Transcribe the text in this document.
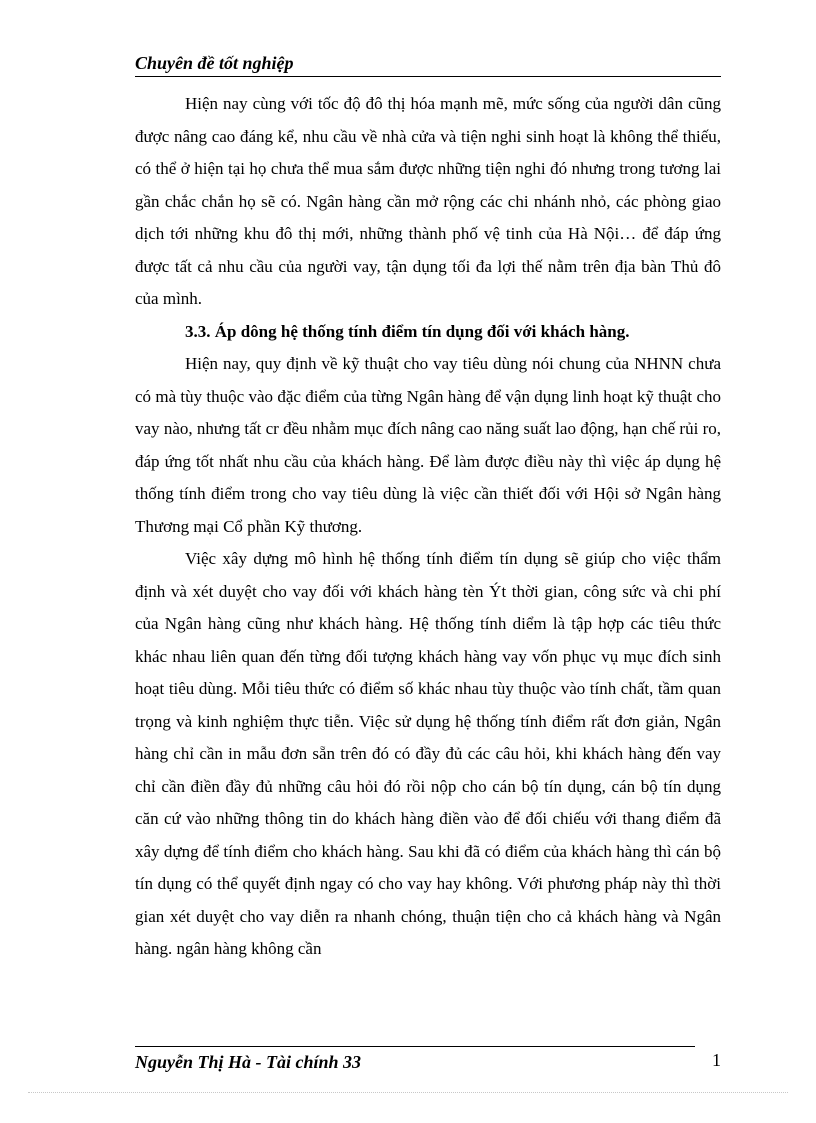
Chuyên đề tốt nghiệp

Hiện nay cùng với tốc độ đô thị hóa mạnh mẽ, mức sống của người dân cũng được nâng cao đáng kể, nhu cầu về nhà cửa và tiện nghi sinh hoạt là không thể thiếu, có thể ở hiện tại họ chưa thể mua sắm được những tiện nghi đó nhưng trong tương lai gần chắc chắn họ sẽ có. Ngân hàng cần mở rộng các chi nhánh nhỏ, các phòng giao dịch tới những khu đô thị mới, những thành phố vệ tinh của Hà Nội… để đáp ứng được tất cả nhu cầu của người vay, tận dụng tối đa lợi thế nằm trên địa bàn Thủ đô của mình.

3.3. Áp dông hệ thống tính điểm tín dụng đối với khách hàng.

Hiện nay, quy định về kỹ thuật cho vay tiêu dùng nói chung của NHNN chưa có mà tùy thuộc vào đặc điểm của từng Ngân hàng để vận dụng linh hoạt kỹ thuật cho vay nào, nhưng tất cr đều nhằm mục đích nâng cao năng suất lao động, hạn chế rủi ro, đáp ứng tốt nhất nhu cầu của khách hàng. Để làm được điều này thì việc áp dụng hệ thống tính điểm trong cho vay tiêu dùng là việc cần thiết đối với Hội sở Ngân hàng Thương mại Cổ phần Kỹ thương.

Việc xây dựng mô hình hệ thống tính điểm tín dụng sẽ giúp cho việc thẩm định và xét duyệt cho vay đối với khách hàng tèn Ýt thời gian, công sức và chi phí của Ngân hàng cũng như khách hàng. Hệ thống tính diểm là tập hợp các tiêu thức khác nhau liên quan đến từng đối tượng khách hàng vay vốn phục vụ mục đích sinh hoạt tiêu dùng. Mỗi tiêu thức có điểm số khác nhau tùy thuộc vào tính chất, tầm quan trọng và kinh nghiệm thực tiễn. Việc sử dụng hệ thống tính điểm rất đơn giản, Ngân hàng chỉ cần in mẫu đơn sẵn trên đó có đầy đủ các câu hỏi, khi khách hàng đến vay chỉ cần điền đầy đủ những câu hỏi đó rồi nộp cho cán bộ tín dụng, cán bộ tín dụng căn cứ vào những thông tin do khách hàng điền vào để đối chiếu với thang điểm đã xây dựng để tính điểm cho khách hàng. Sau khi đã có điểm của khách hàng thì cán bộ tín dụng có thể quyết định ngay có cho vay hay không. Với phương pháp này thì thời gian xét duyệt cho vay diễn ra nhanh chóng, thuận tiện cho cả khách hàng và Ngân hàng. ngân hàng không cần

Nguyễn Thị Hà - Tài chính 33	1
